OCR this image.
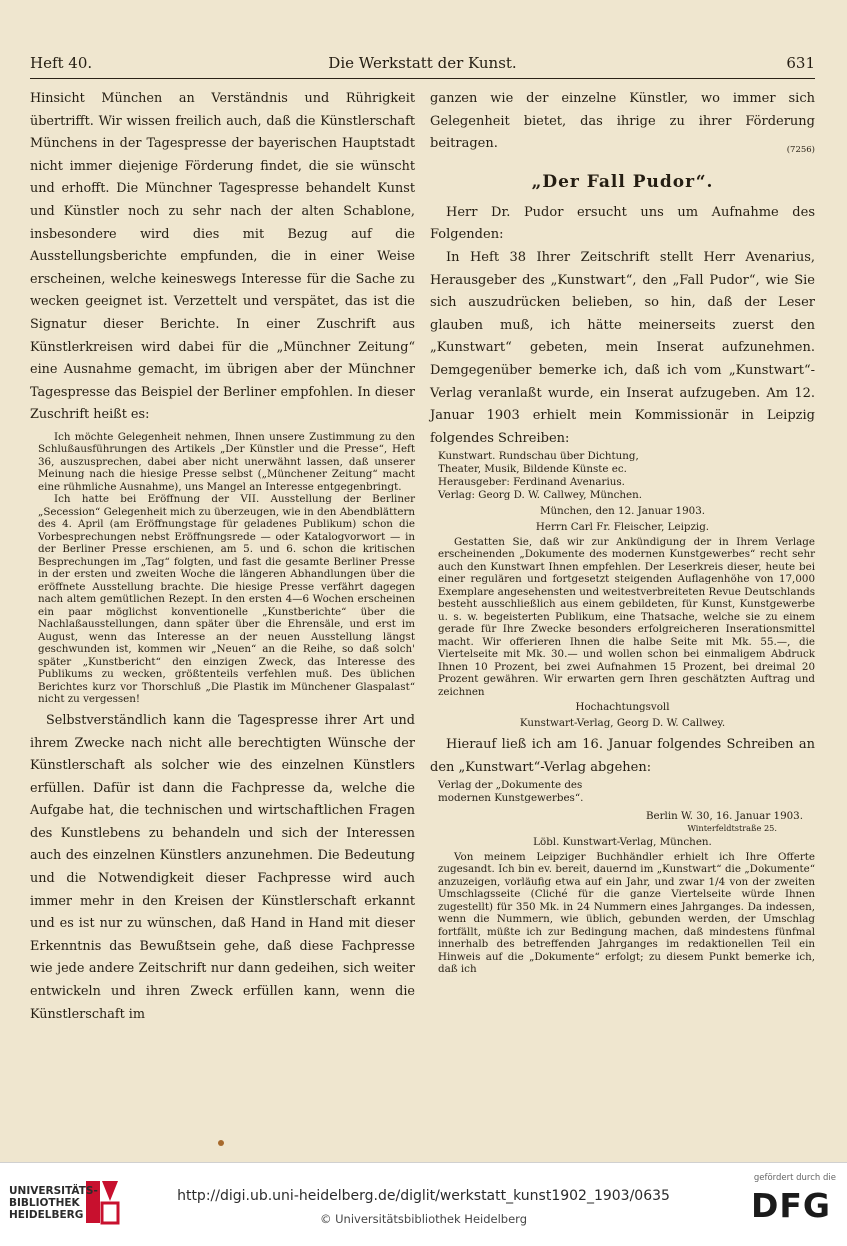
Die Werkstatt der Kunst.
Heft 40.	631

Hinsicht München an Verständnis und Rührigkeit übertrifft. Wir wissen freilich auch, daß die Künstlerschaft Münchens in der Tagespresse der bayerischen Hauptstadt nicht immer diejenige Förderung findet, die sie wünscht und erhofft. Die Münchner Tagespresse behandelt Kunst und Künstler noch zu sehr nach der alten Schablone, insbesondere wird dies mit Bezug auf die Ausstellungsberichte empfunden, die in einer Weise erscheinen, welche keineswegs Interesse für die Sache zu wecken geeignet ist. Verzettelt und verspätet, das ist die Signatur dieser Berichte. In einer Zuschrift aus Künstlerkreisen wird dabei für die „Münchner Zeitung“ eine Ausnahme gemacht, im übrigen aber der Münchner Tagespresse das Beispiel der Berliner empfohlen. In dieser Zuschrift heißt es:

Ich möchte Gelegenheit nehmen, Ihnen unsere Zustimmung zu den Schlußausführungen des Artikels „Der Künstler und die Presse“, Heft 36, auszusprechen, dabei aber nicht unerwähnt lassen, daß unserer Meinung nach die hiesige Presse selbst („Münchener Zeitung“ macht eine rühmliche Ausnahme), uns Mangel an Interesse entgegenbringt.

Ich hatte bei Eröffnung der VII. Ausstellung der Berliner „Secession“ Gelegenheit mich zu überzeugen, wie in den Abendblättern des 4. April (am Eröffnungstage für geladenes Publikum) schon die Vorbesprechungen nebst Eröffnungsrede — oder Katalogvorwort — in der Berliner Presse erschienen, am 5. und 6. schon die kritischen Besprechungen im „Tag“ folgten, und fast die gesamte Berliner Presse in der ersten und zweiten Woche die längeren Abhandlungen über die eröffnete Ausstellung brachte. Die hiesige Presse verfährt dagegen nach altem gemütlichen Rezept. In den ersten 4—6 Wochen erscheinen ein paar möglichst konventionelle „Kunstberichte“ über die Nachlaßausstellungen, dann später über die Ehrensäle, und erst im August, wenn das Interesse an der neuen Ausstellung längst geschwunden ist, kommen wir „Neuen“ an die Reihe, so daß solch' später „Kunstbericht“ den einzigen Zweck, das Interesse des Publikums zu wecken, größtenteils verfehlen muß. Des üblichen Berichtes kurz vor Thorschluß „Die Plastik im Münchener Glaspalast“ nicht zu vergessen!

Selbstverständlich kann die Tagespresse ihrer Art und ihrem Zwecke nach nicht alle berechtigten Wünsche der Künstlerschaft als solcher wie des einzelnen Künstlers erfüllen. Dafür ist dann die Fachpresse da, welche die Aufgabe hat, die technischen und wirtschaftlichen Fragen des Kunstlebens zu behandeln und sich der Interessen auch des einzelnen Künstlers anzunehmen. Die Bedeutung und die Notwendigkeit dieser Fachpresse wird auch immer mehr in den Kreisen der Künstlerschaft erkannt und es ist nur zu wünschen, daß Hand in Hand mit dieser Erkenntnis das Bewußtsein gehe, daß diese Fachpresse wie jede andere Zeitschrift nur dann gedeihen, sich weiter entwickeln und ihren Zweck erfüllen kann, wenn die Künstlerschaft im

ganzen wie der einzelne Künstler, wo immer sich Gelegenheit bietet, das ihrige zu ihrer Förderung beitragen.	(7256)

„Der Fall Pudor“.

Herr Dr. Pudor ersucht uns um Aufnahme des Folgenden:

In Heft 38 Ihrer Zeitschrift stellt Herr Avenarius, Herausgeber des „Kunstwart“, den „Fall Pudor“, wie Sie sich auszudrücken belieben, so hin, daß der Leser glauben muß, ich hätte meinerseits zuerst den „Kunstwart“ gebeten, mein Inserat aufzunehmen. Demgegenüber bemerke ich, daß ich vom „Kunstwart“-Verlag veranlaßt wurde, ein Inserat aufzugeben. Am 12. Januar 1903 erhielt mein Kommissionär in Leipzig folgendes Schreiben:

Kunstwart. Rundschau über Dichtung,
Theater, Musik, Bildende Künste ec.
Herausgeber: Ferdinand Avenarius.
Verlag: Georg D. W. Callwey, München.
München, den 12. Januar 1903.
Herrn Carl Fr. Fleischer, Leipzig.

Gestatten Sie, daß wir zur Ankündigung der in Ihrem Verlage erscheinenden „Dokumente des modernen Kunstgewerbes“ recht sehr auch den Kunstwart Ihnen empfehlen. Der Leserkreis dieser, heute bei einer regulären und fortgesetzt steigenden Auflagenhöhe von 17,000 Exemplare angesehensten und weitestverbreiteten Revue Deutschlands besteht ausschließlich aus einem gebildeten, für Kunst, Kunstgewerbe u. s. w. begeisterten Publikum, eine Thatsache, welche sie zu einem gerade für Ihre Zwecke besonders erfolgreicheren Inserationsmittel macht. Wir offerieren Ihnen die halbe Seite mit Mk. 55.—, die Viertelseite mit Mk. 30.— und wollen schon bei einmaligem Abdruck Ihnen 10 Prozent, bei zwei Aufnahmen 15 Prozent, bei dreimal 20 Prozent gewähren. Wir erwarten gern Ihren geschätzten Auftrag und zeichnen

Hochachtungsvoll
Kunstwart-Verlag, Georg D. W. Callwey.

Hierauf ließ ich am 16. Januar folgendes Schreiben an den „Kunstwart“-Verlag abgehen:

Verlag der „Dokumente des
modernen Kunstgewerbes“.
Berlin W. 30, 16. Januar 1903.
Winterfeldtstraße 25.
Löbl. Kunstwart-Verlag, München.

Von meinem Leipziger Buchhändler erhielt ich Ihre Offerte zugesandt. Ich bin ev. bereit, dauernd im „Kunstwart“ die „Dokumente“ anzuzeigen, vorläufig etwa auf ein Jahr, und zwar 1/4 von der zweiten Umschlagsseite (Cliché für die ganze Viertelseite würde Ihnen zugestellt) für 350 Mk. in 24 Nummern eines Jahrganges. Da indessen, wenn die Nummern, wie üblich, gebunden werden, der Umschlag fortfällt, müßte ich zur Bedingung machen, daß mindestens fünfmal innerhalb des betreffenden Jahrganges im redaktionellen Teil ein Hinweis auf die „Dokumente“ erfolgt; zu diesem Punkt bemerke ich, daß ich

UNIVERSITÄTS-
BIBLIOTHEK
HEIDELBERG
http://digi.ub.uni-heidelberg.de/diglit/werkstatt_kunst1902_1903/0635
© Universitätsbibliothek Heidelberg
gefördert durch die
DFG
